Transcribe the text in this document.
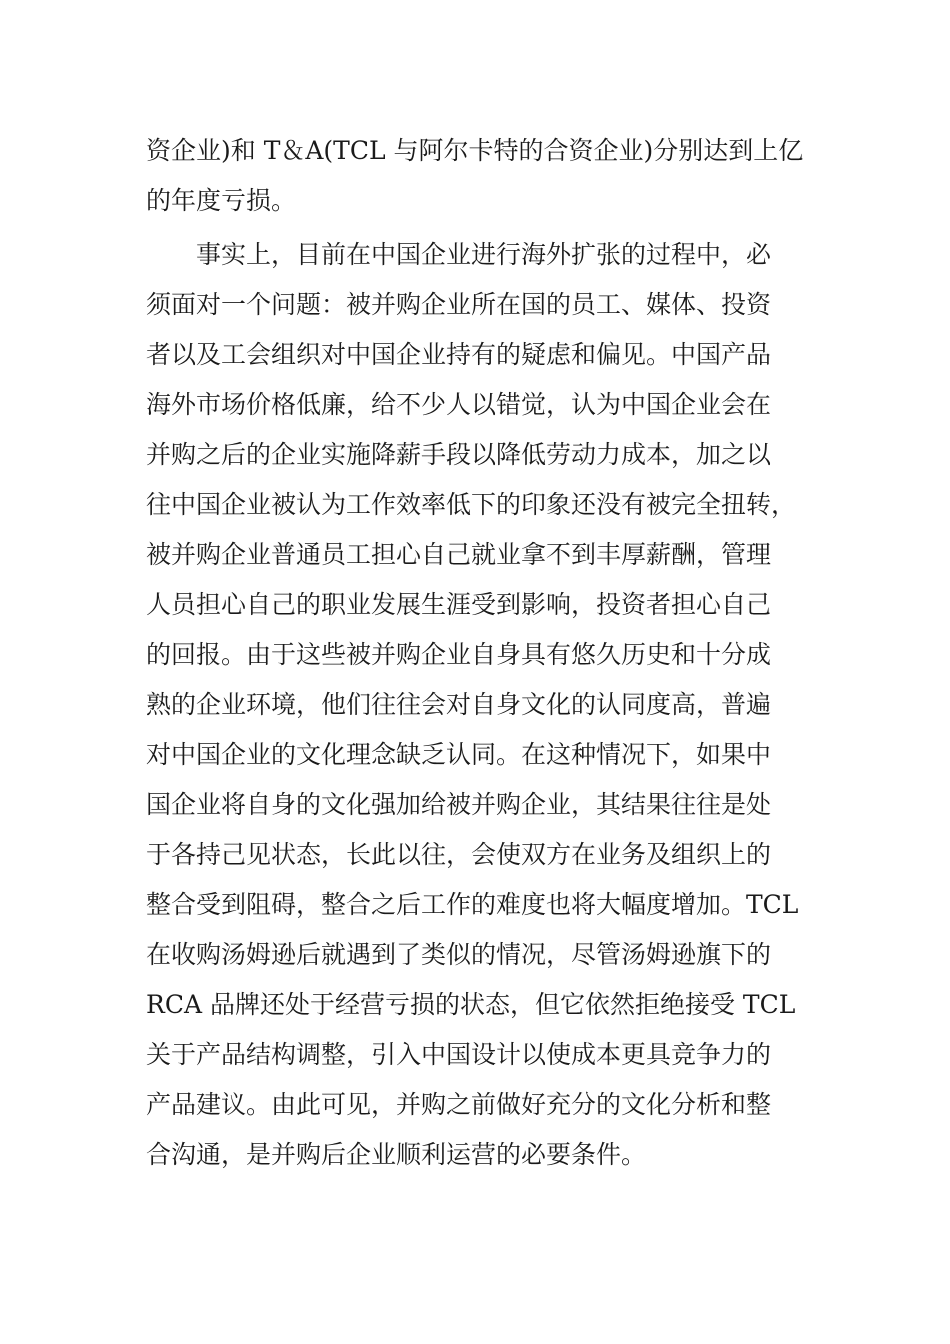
资企业)和 T＆A(TCL 与阿尔卡特的合资企业)分别达到上亿
的年度亏损。
事实上，目前在中国企业进行海外扩张的过程中，必
须面对一个问题：被并购企业所在国的员工、媒体、投资
者以及工会组织对中国企业持有的疑虑和偏见。中国产品
海外市场价格低廉，给不少人以错觉，认为中国企业会在
并购之后的企业实施降薪手段以降低劳动力成本，加之以
往中国企业被认为工作效率低下的印象还没有被完全扭转，
被并购企业普通员工担心自己就业拿不到丰厚薪酬，管理
人员担心自己的职业发展生涯受到影响，投资者担心自己
的回报。由于这些被并购企业自身具有悠久历史和十分成
熟的企业环境，他们往往会对自身文化的认同度高，普遍
对中国企业的文化理念缺乏认同。在这种情况下，如果中
国企业将自身的文化强加给被并购企业，其结果往往是处
于各持己见状态，长此以往，会使双方在业务及组织上的
整合受到阻碍，整合之后工作的难度也将大幅度增加。TCL
在收购汤姆逊后就遇到了类似的情况，尽管汤姆逊旗下的
RCA 品牌还处于经营亏损的状态，但它依然拒绝接受 TCL
关于产品结构调整，引入中国设计以使成本更具竞争力的
产品建议。由此可见，并购之前做好充分的文化分析和整
合沟通，是并购后企业顺利运营的必要条件。
